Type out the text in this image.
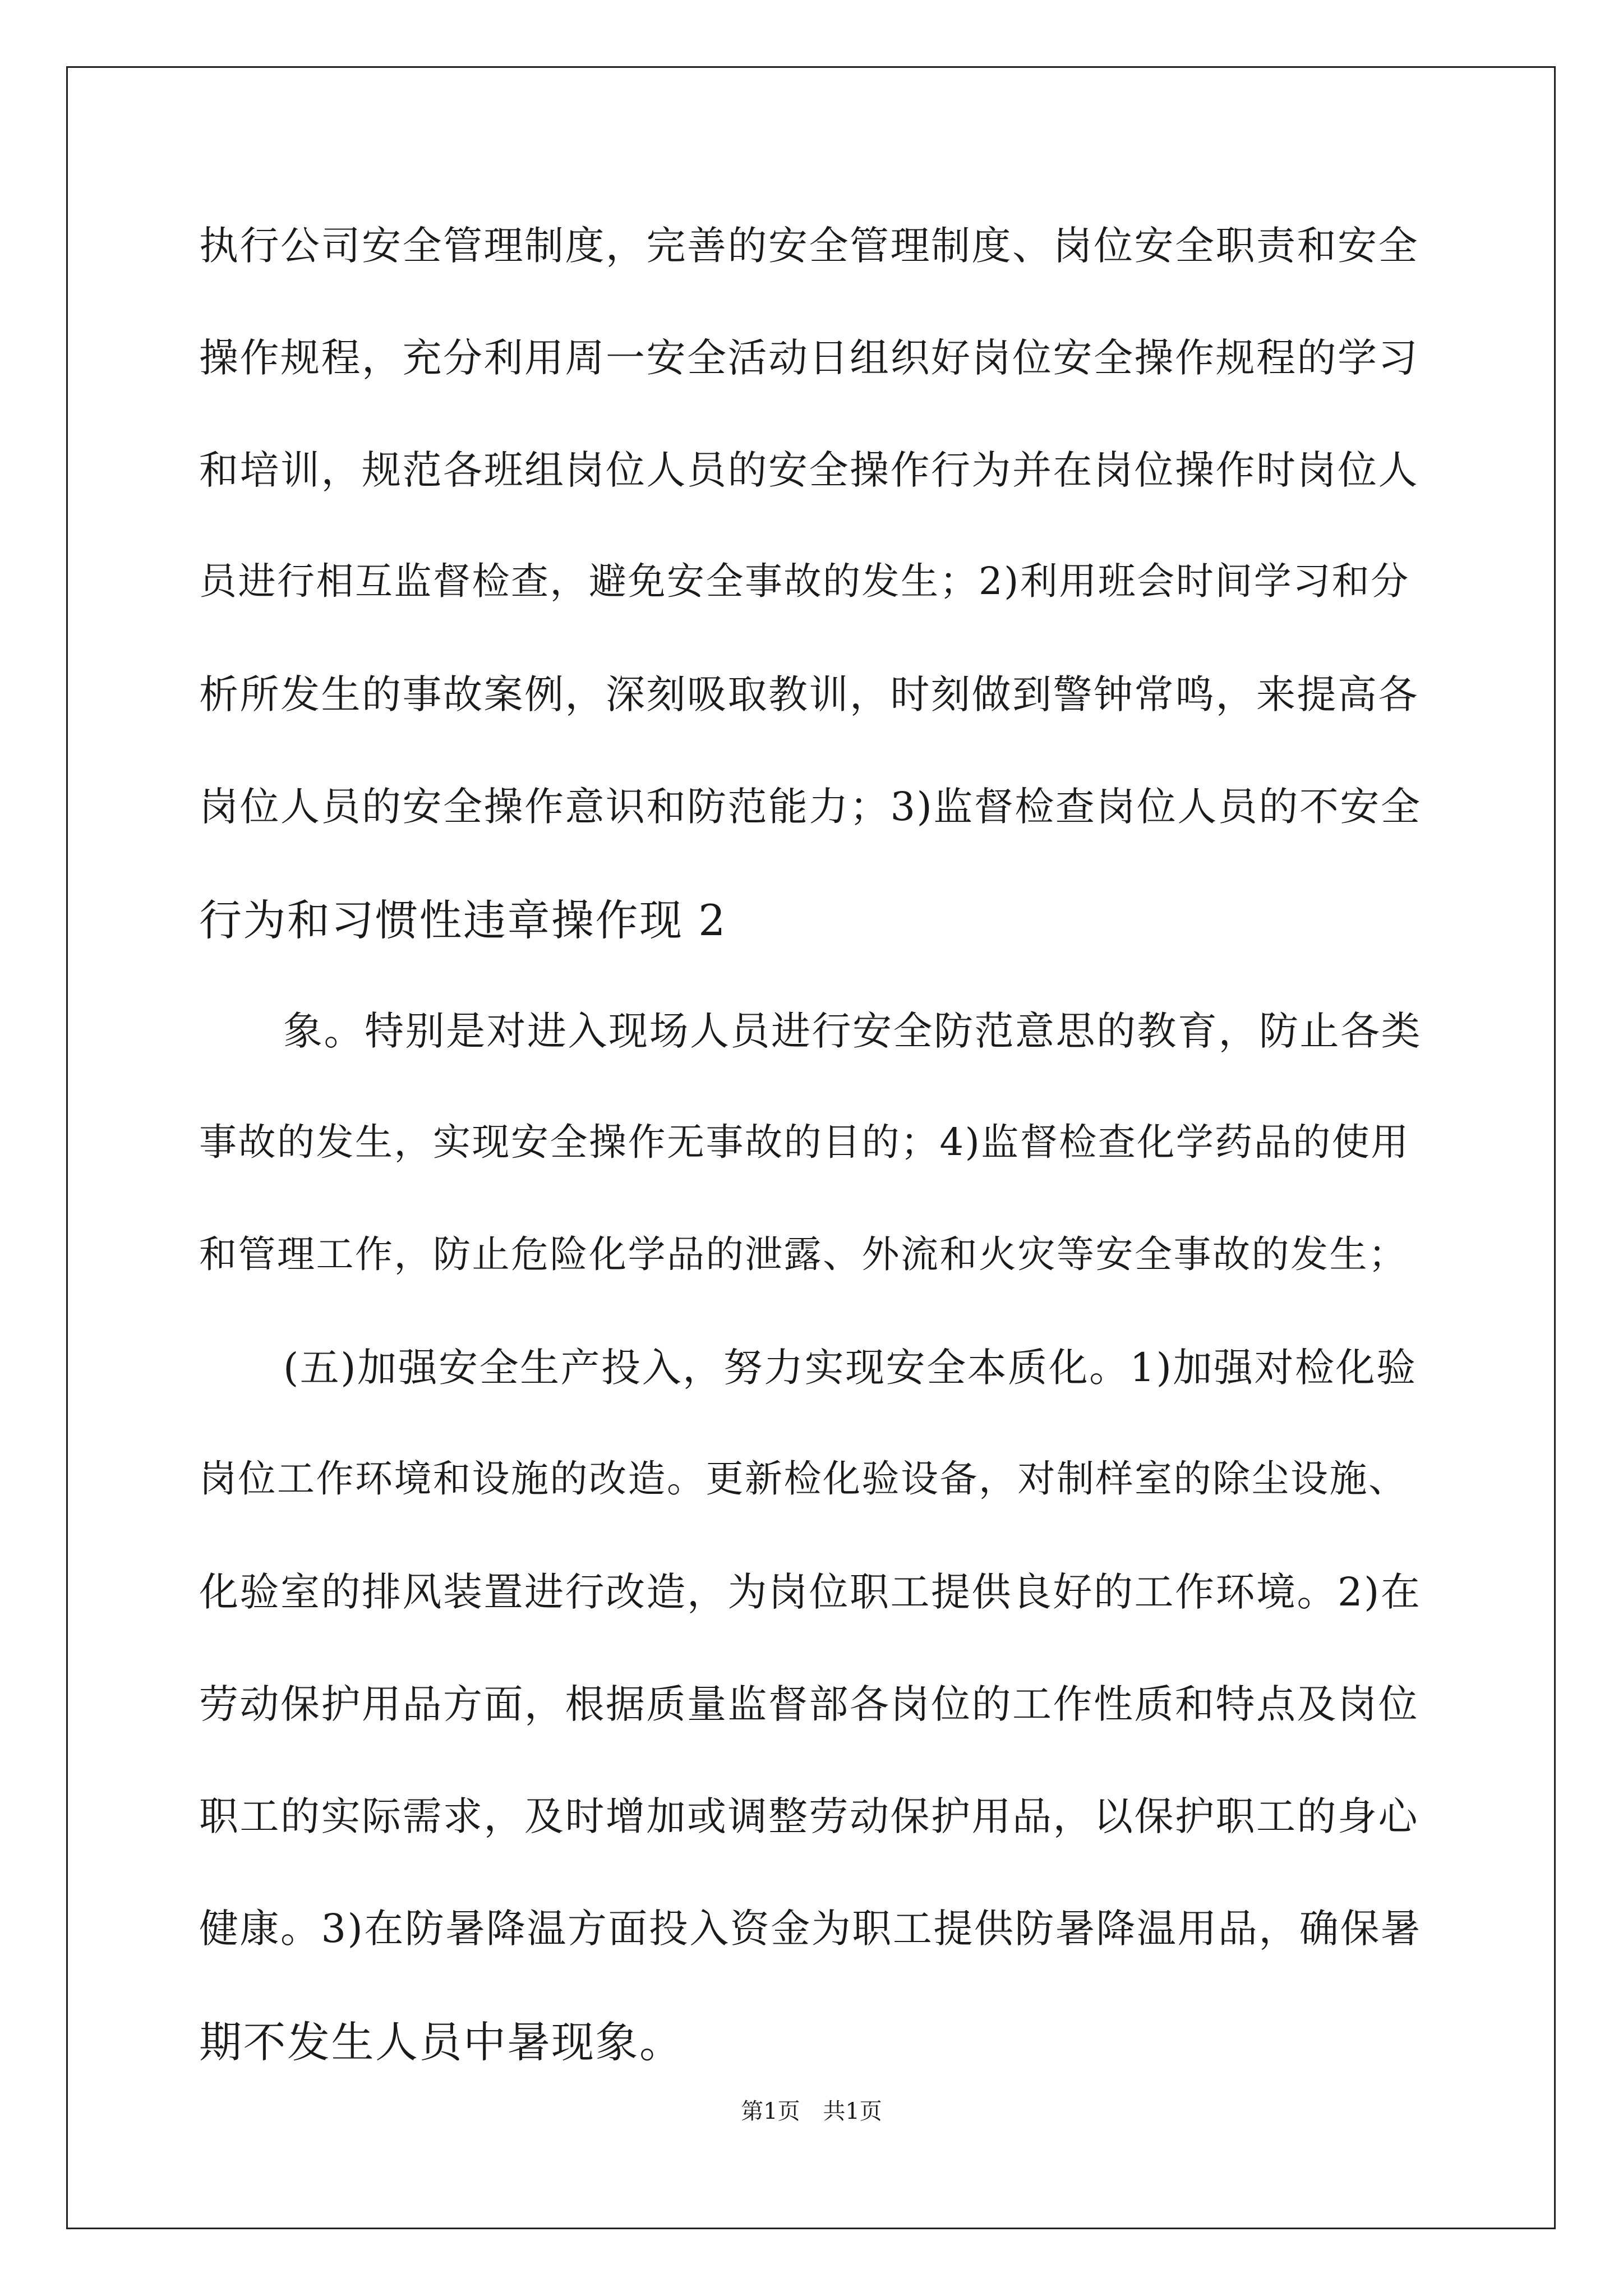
执行公司安全管理制度，完善的安全管理制度、岗位安全职责和安全
操作规程，充分利用周一安全活动日组织好岗位安全操作规程的学习
和培训，规范各班组岗位人员的安全操作行为并在岗位操作时岗位人
员进行相互监督检查，避免安全事故的发生；2)利用班会时间学习和分
析所发生的事故案例，深刻吸取教训，时刻做到警钟常鸣，来提高各
岗位人员的安全操作意识和防范能力；3)监督检查岗位人员的不安全
行为和习惯性违章操作现 2
象。特别是对进入现场人员进行安全防范意思的教育，防止各类
事故的发生，实现安全操作无事故的目的；4)监督检查化学药品的使用
和管理工作，防止危险化学品的泄露、外流和火灾等安全事故的发生；
(五)加强安全生产投入，努力实现安全本质化。1)加强对检化验
岗位工作环境和设施的改造。更新检化验设备，对制样室的除尘设施、
化验室的排风装置进行改造，为岗位职工提供良好的工作环境。2)在
劳动保护用品方面，根据质量监督部各岗位的工作性质和特点及岗位
职工的实际需求，及时增加或调整劳动保护用品，以保护职工的身心
健康。3)在防暑降温方面投入资金为职工提供防暑降温用品，确保暑
期不发生人员中暑现象。
第1页 共1页
